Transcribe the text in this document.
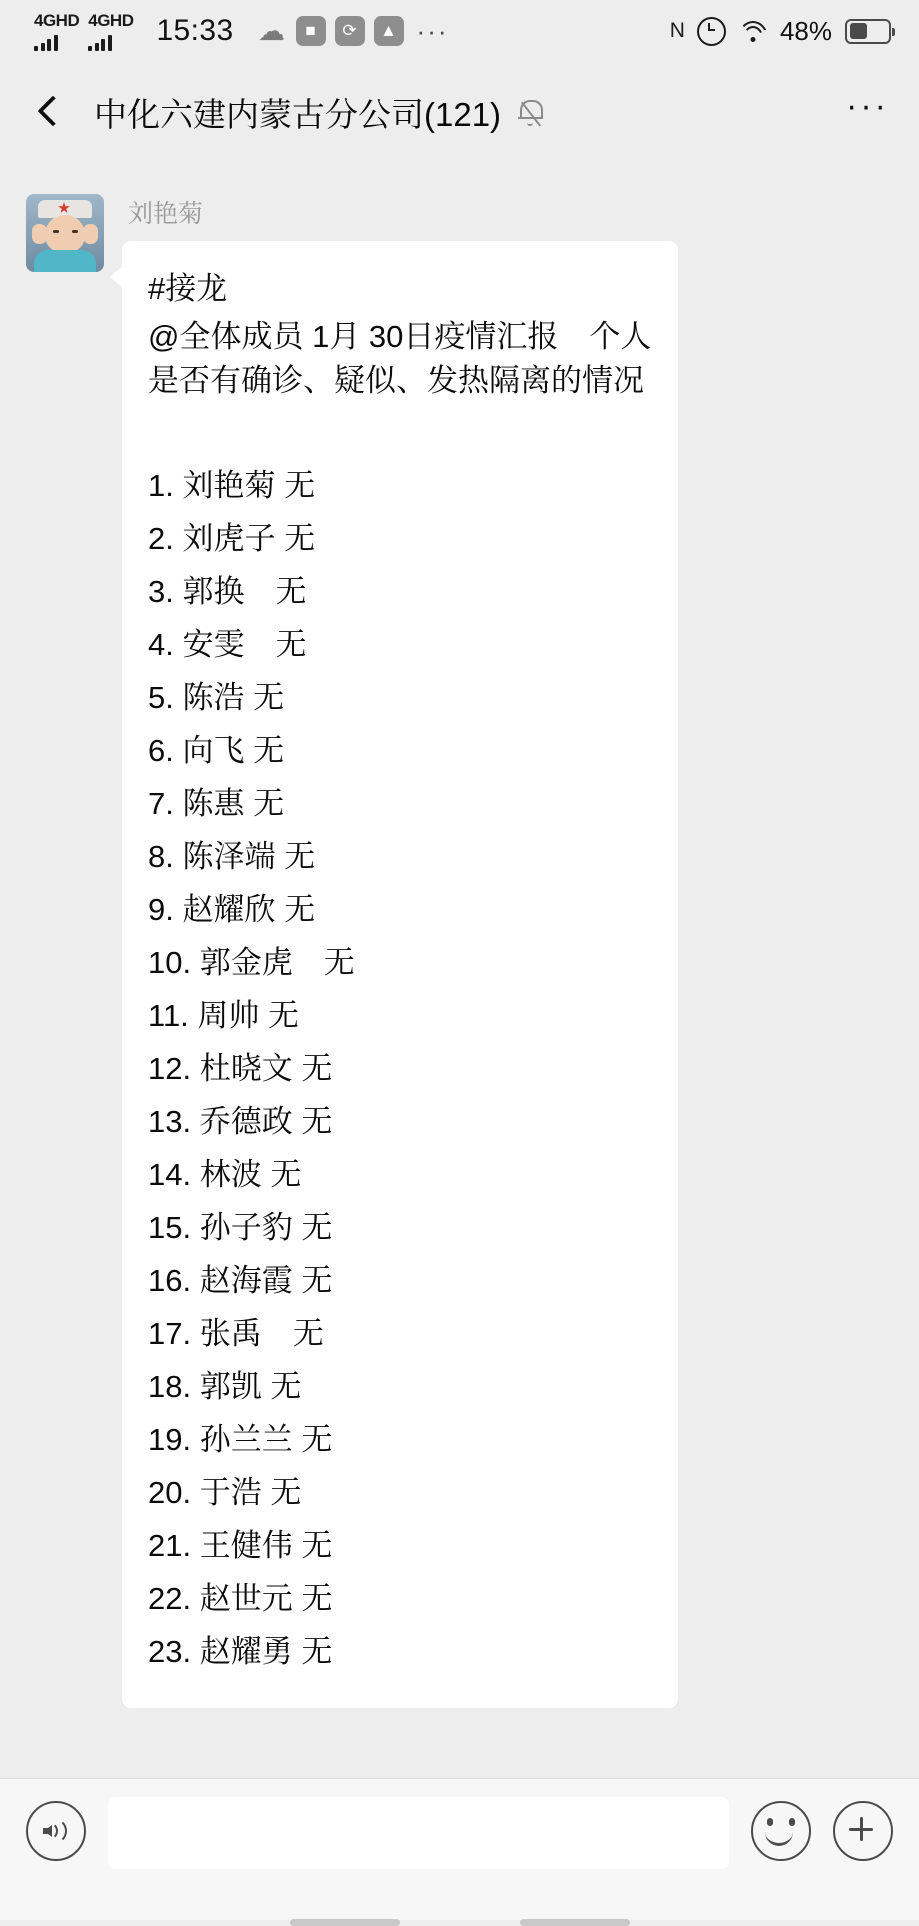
4GHD 4GHD 15:33 ☁	■	⟳	▲ ···	N	48%
中化六建内蒙古分公司(121)	···
刘艳菊
#接龙
@全体成员 1月 30日疫情汇报　个人是否有确诊、疑似、发热隔离的情况
1. 刘艳菊 无
2. 刘虎子 无
3. 郭换　无
4. 安雯　无
5. 陈浩 无
6. 向飞 无
7. 陈惠 无
8. 陈泽端 无
9. 赵耀欣 无
10. 郭金虎　无
11. 周帅 无
12. 杜晓文 无
13. 乔德政 无
14. 林波 无
15. 孙子豹 无
16. 赵海霞 无
17. 张禹　无
18. 郭凯 无
19. 孙兰兰 无
20. 于浩 无
21. 王健伟 无
22. 赵世元 无
23. 赵耀勇 无
